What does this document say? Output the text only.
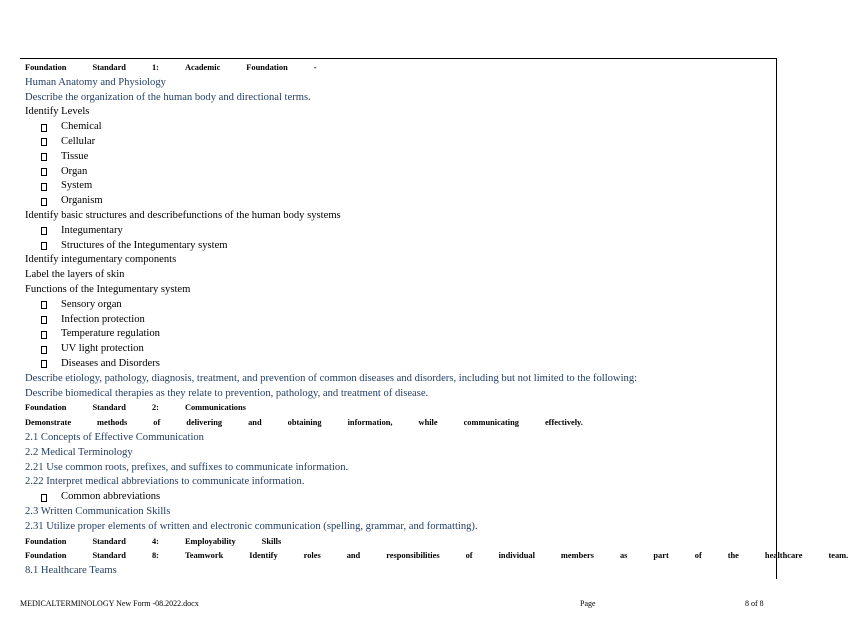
Foundation	Standard	1:	Academic	Foundation	-
Human Anatomy and Physiology
Describe the organization of the human body and directional terms.
Identify Levels
Chemical
Cellular
Tissue
Organ
System
Organism
Identify basic structures and describefunctions of the human body systems
Integumentary
Structures of the Integumentary system
Identify integumentary components
Label the layers of skin
Functions of the Integumentary system
Sensory organ
Infection protection
Temperature regulation
UV light protection
Diseases and Disorders
Describe etiology, pathology, diagnosis, treatment, and prevention of common diseases and disorders, including but not limited to the following:
Describe biomedical therapies as they relate to prevention, pathology, and treatment of disease.
Foundation	Standard	2:	Communications
Demonstrate	methods	of	delivering	and	obtaining	information,	while	communicating	effectively.
2.1 Concepts of Effective Communication
2.2 Medical Terminology
2.21 Use common roots, prefixes, and suffixes to communicate information.
2.22 Interpret medical abbreviations to communicate information.
Common abbreviations
2.3 Written Communication Skills
2.31 Utilize proper elements of written and electronic communication (spelling, grammar, and formatting).
Foundation	Standard	4:	Employability	Skills
Foundation	Standard	8:	Teamwork	Identify	roles	and	responsibilities	of	individual	members	as	part	of	the	healthcare	team.
8.1 Healthcare Teams
MEDICALTERMINOLOGY New Form -08.2022.docx	Page	8 of 8
